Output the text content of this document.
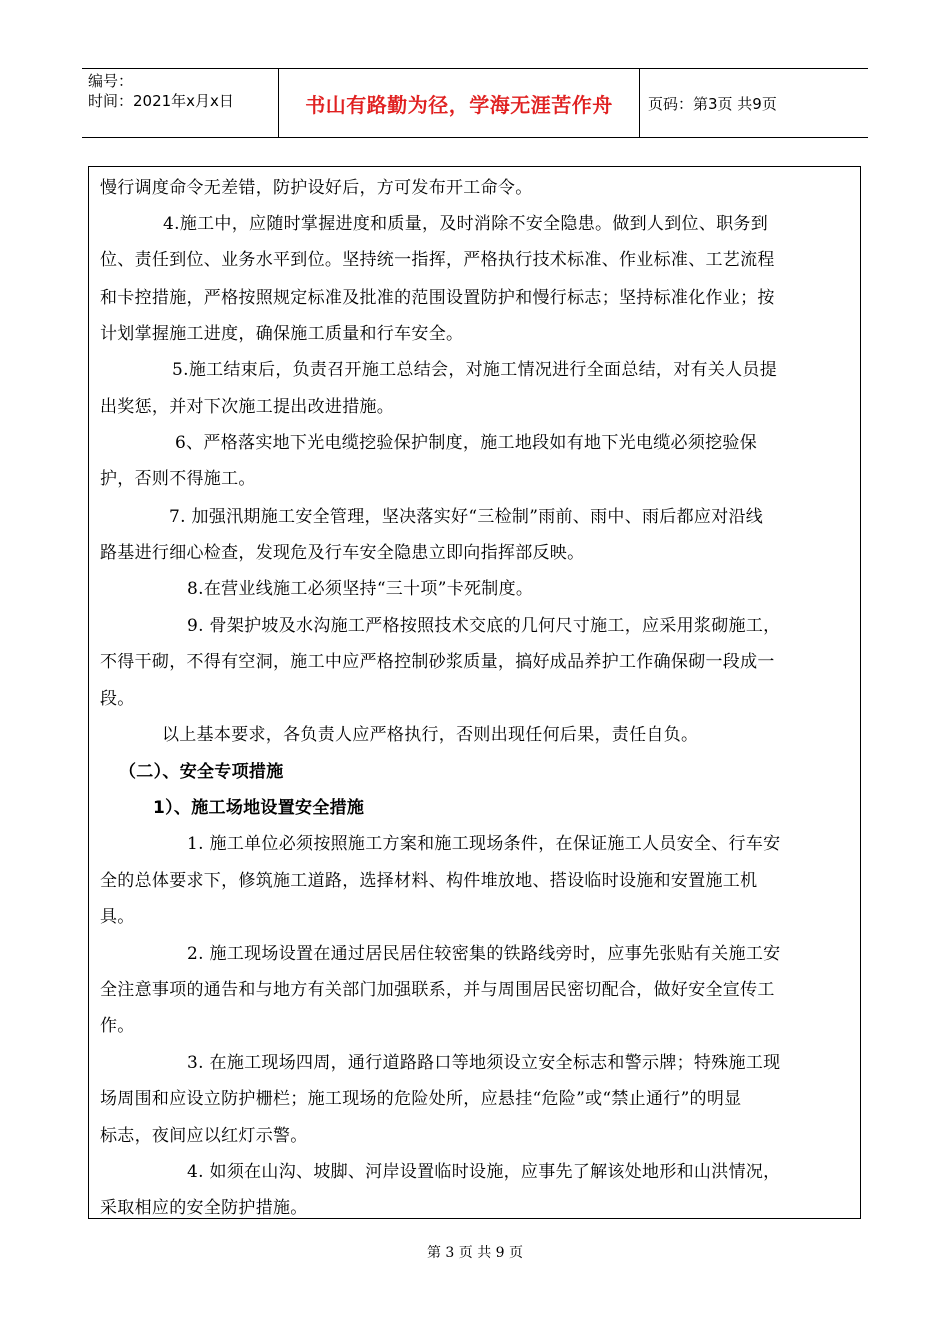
编号：
时间：2021年x月x日	书山有路勤为径，学海无涯苦作舟	页码：第3页 共9页
慢行调度命令无差错，防护设好后，方可发布开工命令。
4.施工中，应随时掌握进度和质量，及时消除不安全隐患。做到人到位、职务到
位、责任到位、业务水平到位。坚持统一指挥，严格执行技术标准、作业标准、工艺流程
和卡控措施，严格按照规定标准及批准的范围设置防护和慢行标志；坚持标准化作业；按
计划掌握施工进度，确保施工质量和行车安全。
5.施工结束后，负责召开施工总结会，对施工情况进行全面总结，对有关人员提
出奖惩，并对下次施工提出改进措施。
6、严格落实地下光电缆挖验保护制度，施工地段如有地下光电缆必须挖验保
护，否则不得施工。
7. 加强汛期施工安全管理，坚决落实好“三检制”雨前、雨中、雨后都应对沿线
路基进行细心检查，发现危及行车安全隐患立即向指挥部反映。
8.在营业线施工必须坚持“三十项”卡死制度。
9. 骨架护坡及水沟施工严格按照技术交底的几何尺寸施工，应采用浆砌施工，
不得干砌，不得有空洞，施工中应严格控制砂浆质量，搞好成品养护工作确保砌一段成一
段。
以上基本要求，各负责人应严格执行，否则出现任何后果，责任自负。
（二）、安全专项措施
1）、施工场地设置安全措施
1. 施工单位必须按照施工方案和施工现场条件，在保证施工人员安全、行车安
全的总体要求下，修筑施工道路，选择材料、构件堆放地、搭设临时设施和安置施工机
具。
2. 施工现场设置在通过居民居住较密集的铁路线旁时，应事先张贴有关施工安
全注意事项的通告和与地方有关部门加强联系，并与周围居民密切配合，做好安全宣传工
作。
3. 在施工现场四周，通行道路路口等地须设立安全标志和警示牌；特殊施工现
场周围和应设立防护栅栏；施工现场的危险处所，应悬挂“危险”或“禁止通行”的明显
标志，夜间应以红灯示警。
4. 如须在山沟、坡脚、河岸设置临时设施，应事先了解该处地形和山洪情况，
采取相应的安全防护措施。
第 3 页 共 9 页
